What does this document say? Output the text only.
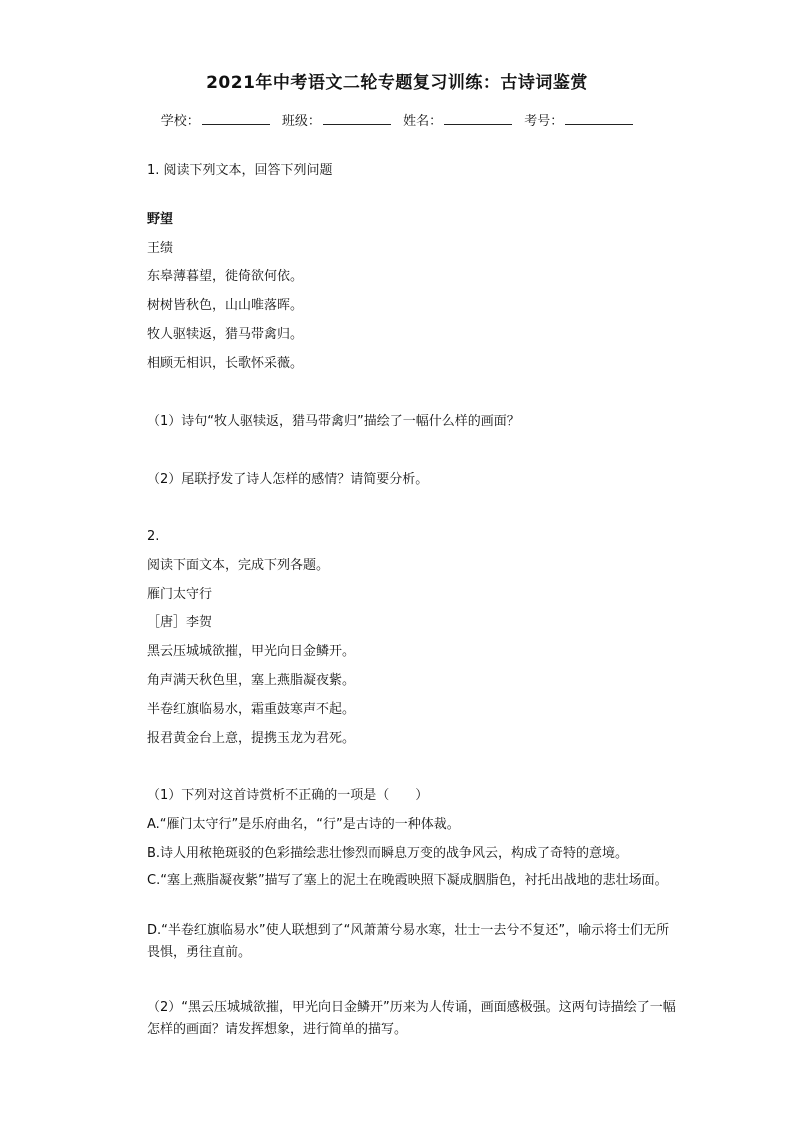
2021年中考语文二轮专题复习训练：古诗词鉴赏
学校：	班级：	姓名：	考号：
1. 阅读下列文本，回答下列问题
野望
王绩
东皋薄暮望，徙倚欲何依。
树树皆秋色，山山唯落晖。
牧人驱犊返，猎马带禽归。
相顾无相识，长歌怀采薇。
（1）诗句“牧人驱犊返，猎马带禽归”描绘了一幅什么样的画面？
（2）尾联抒发了诗人怎样的感情？请简要分析。
2.
阅读下面文本，完成下列各题。
雁门太守行
［唐］李贺
黑云压城城欲摧，甲光向日金鳞开。
角声满天秋色里，塞上燕脂凝夜紫。
半卷红旗临易水，霜重鼓寒声不起。
报君黄金台上意，提携玉龙为君死。
（1）下列对这首诗赏析不正确的一项是（　　）
A.“雁门太守行”是乐府曲名，“行”是古诗的一种体裁。
B.诗人用秾艳斑驳的色彩描绘悲壮惨烈而瞬息万变的战争风云，构成了奇特的意境。
C.“塞上燕脂凝夜紫”描写了塞上的泥土在晚霞映照下凝成胭脂色，衬托出战地的悲壮场面。
D.“半卷红旗临易水”使人联想到了“风萧萧兮易水寒，壮士一去兮不复还”，喻示将士们无所畏惧，勇往直前。
（2）“黑云压城城欲摧，甲光向日金鳞开”历来为人传诵，画面感极强。这两句诗描绘了一幅怎样的画面？请发挥想象，进行简单的描写。
